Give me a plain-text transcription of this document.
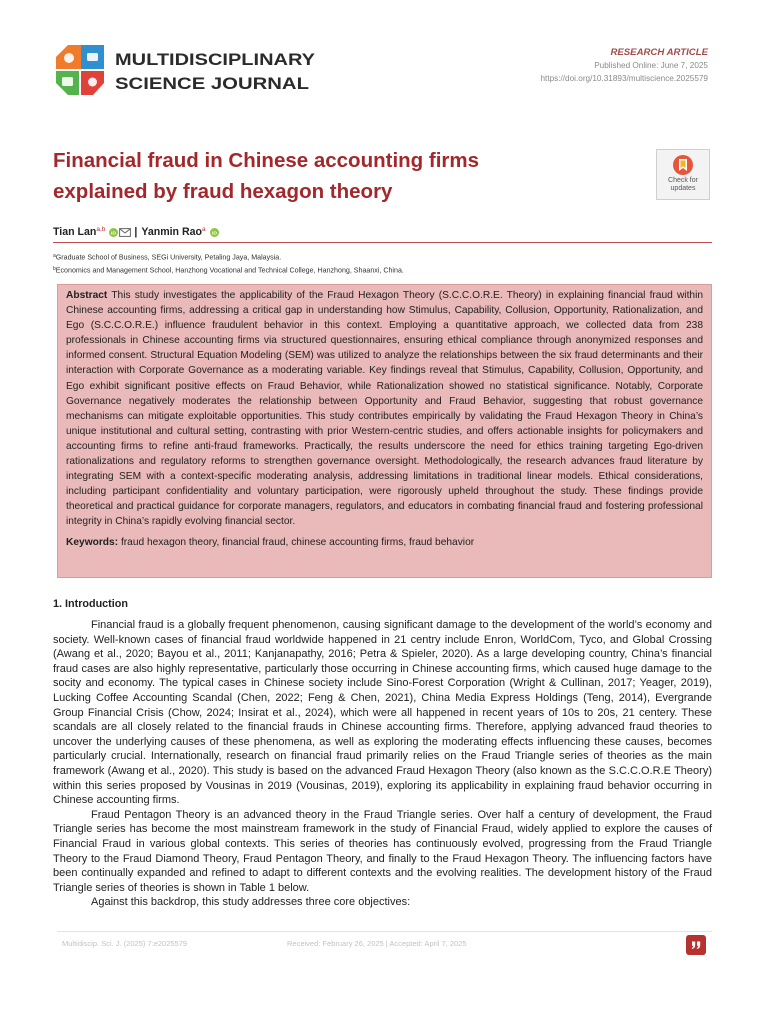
MULTIDISCIPLINARY
SCIENCE JOURNAL
RESEARCH ARTICLE
Published Online: June 7, 2025
https://doi.org/10.31893/multiscience.2025579
Financial fraud in Chinese accounting firms
explained by fraud hexagon theory	Check for
updates
Tian Lan$^{a,b}$
iD | Yanmin Rao$^a$
iD
$^a$Graduate School of Business, SEGi University, Petaling Jaya, Malaysia.
$^b$Economics and Management School, Hanzhong Vocational and Technical College, Hanzhong, Shaanxi, China.

Abstract This study investigates the applicability of the Fraud Hexagon Theory (S.C.C.O.R.E. Theory) in explaining financial fraud within Chinese accounting firms, addressing a critical gap in understanding how Stimulus, Capability, Collusion, Opportunity, Rationalization, and Ego (S.C.C.O.R.E.) influence fraudulent behavior in this context. Employing a quantitative approach, we collected data from 238 professionals in Chinese accounting firms via structured questionnaires, ensuring ethical compliance through anonymized responses and informed consent. Structural Equation Modeling (SEM) was utilized to analyze the relationships between the six fraud determinants and their interaction with Corporate Governance as a moderating variable. Key findings reveal that Stimulus, Capability, Collusion, Opportunity, and Ego exhibit significant positive effects on Fraud Behavior, while Rationalization showed no statistical significance. Notably, Corporate Governance negatively moderates the relationship between Opportunity and Fraud Behavior, suggesting that robust governance mechanisms can mitigate exploitable opportunities. This study contributes empirically by validating the Fraud Hexagon Theory in China’s unique institutional and cultural setting, contrasting with prior Western-centric studies, and offers actionable insights for policymakers and accounting firms to refine anti-fraud frameworks. Practically, the results underscore the need for ethics training targeting Ego-driven rationalizations and regulatory reforms to strengthen governance oversight. Methodologically, the research advances fraud literature by integrating SEM with a context-specific moderating analysis, addressing limitations in traditional linear models. Ethical considerations, including participant confidentiality and voluntary participation, were rigorously upheld throughout the study. These findings provide theoretical and practical guidance for corporate managers, regulators, and educators in combating financial fraud and fostering professional integrity in China’s rapidly evolving financial sector.

Keywords: fraud hexagon theory, financial fraud, chinese accounting firms, fraud behavior

1. Introduction

Financial fraud is a globally frequent phenomenon, causing significant damage to the development of the world’s economy and society. Well-known cases of financial fraud worldwide happened in 21 centry include Enron, WorldCom, Tyco, and Global Crossing (Awang et al., 2020; Bayou et al., 2011; Kanjanapathy, 2016; Petra & Spieler, 2020). As a large developing country, China’s financial fraud cases are also highly representative, particularly those occurring in Chinese accounting firms, which caused huge damage to the socity and economy. The typical cases in Chinese society include Sino-Forest Corporation (Wright & Cullinan, 2017; Yeager, 2019), Lucking Coffee Accounting Scandal (Chen, 2022; Feng & Chen, 2021), China Media Express Holdings (Teng, 2014), Evergrande Group Financial Crisis (Chow, 2024; Insirat et al., 2024), which were all happened in recent years of 10s to 20s, 21 centery. These scandals are all closely related to the financial frauds in Chinese accounting firms. Therefore, applying advanced fraud theories to uncover the underlying causes of these phenomena, as well as exploring the moderating effects influencing these causes, becomes particularly crucial. Internationally, research on financial fraud primarily relies on the Fraud Triangle series of theories as the main framework (Awang et al., 2020). This study is based on the advanced Fraud Hexagon Theory (also known as the S.C.C.O.R.E Theory) within this series proposed by Vousinas in 2019 (Vousinas, 2019), exploring its applicability in explaining fraud behavior occurring in Chinese accounting firms.

Fraud Pentagon Theory is an advanced theory in the Fraud Triangle series. Over half a century of development, the Fraud Triangle series has become the most mainstream framework in the study of Financial Fraud, widely applied to explore the causes of Financial Fraud in various global contexts. This series of theories has continuously evolved, progressing from the Fraud Triangle Theory to the Fraud Diamond Theory, Fraud Pentagon Theory, and finally to the Fraud Hexagon Theory. The influencing factors have been continually expanded and refined to adapt to different contexts and the evolving realities. The development history of the Fraud Triangle series of theories is shown in Table 1 below.

Against this backdrop, this study addresses three core objectives:

Multidiscip. Sci. J. (2025) 7:e2025579	Received: February 26, 2025 | Accepted: April 7, 2025
